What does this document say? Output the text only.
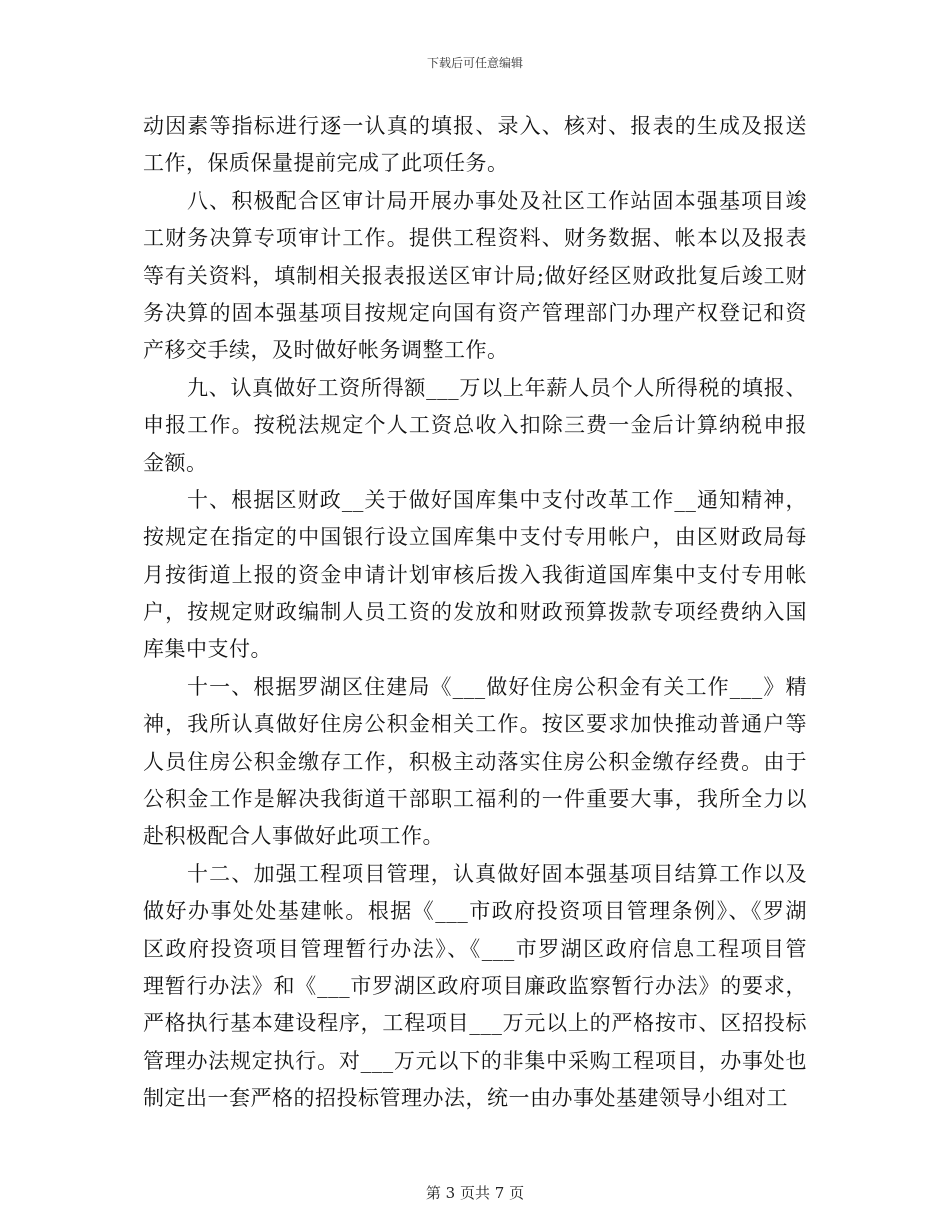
下载后可任意编辑
动因素等指标进行逐一认真的填报、录入、核对、报表的生成及报送
工作，保质保量提前完成了此项任务。
八、积极配合区审计局开展办事处及社区工作站固本强基项目竣
工财务决算专项审计工作。提供工程资料、财务数据、帐本以及报表
等有关资料，填制相关报表报送区审计局;做好经区财政批复后竣工财
务决算的固本强基项目按规定向国有资产管理部门办理产权登记和资
产移交手续，及时做好帐务调整工作。
九、认真做好工资所得额___万以上年薪人员个人所得税的填报、
申报工作。按税法规定个人工资总收入扣除三费一金后计算纳税申报
金额。
十、根据区财政__关于做好国库集中支付改革工作__通知精神，
按规定在指定的中国银行设立国库集中支付专用帐户，由区财政局每
月按街道上报的资金申请计划审核后拨入我街道国库集中支付专用帐
户，按规定财政编制人员工资的发放和财政预算拨款专项经费纳入国
库集中支付。
十一、根据罗湖区住建局《___做好住房公积金有关工作___》精
神，我所认真做好住房公积金相关工作。按区要求加快推动普通户等
人员住房公积金缴存工作，积极主动落实住房公积金缴存经费。由于
公积金工作是解决我街道干部职工福利的一件重要大事，我所全力以
赴积极配合人事做好此项工作。
十二、加强工程项目管理，认真做好固本强基项目结算工作以及
做好办事处处基建帐。根据《___市政府投资项目管理条例》、《罗湖
区政府投资项目管理暂行办法》、《___市罗湖区政府信息工程项目管
理暂行办法》和《___市罗湖区政府项目廉政监察暂行办法》的要求，
严格执行基本建设程序，工程项目___万元以上的严格按市、区招投标
管理办法规定执行。对___万元以下的非集中采购工程项目，办事处也
制定出一套严格的招投标管理办法，统一由办事处基建领导小组对工
第 3 页共 7 页
